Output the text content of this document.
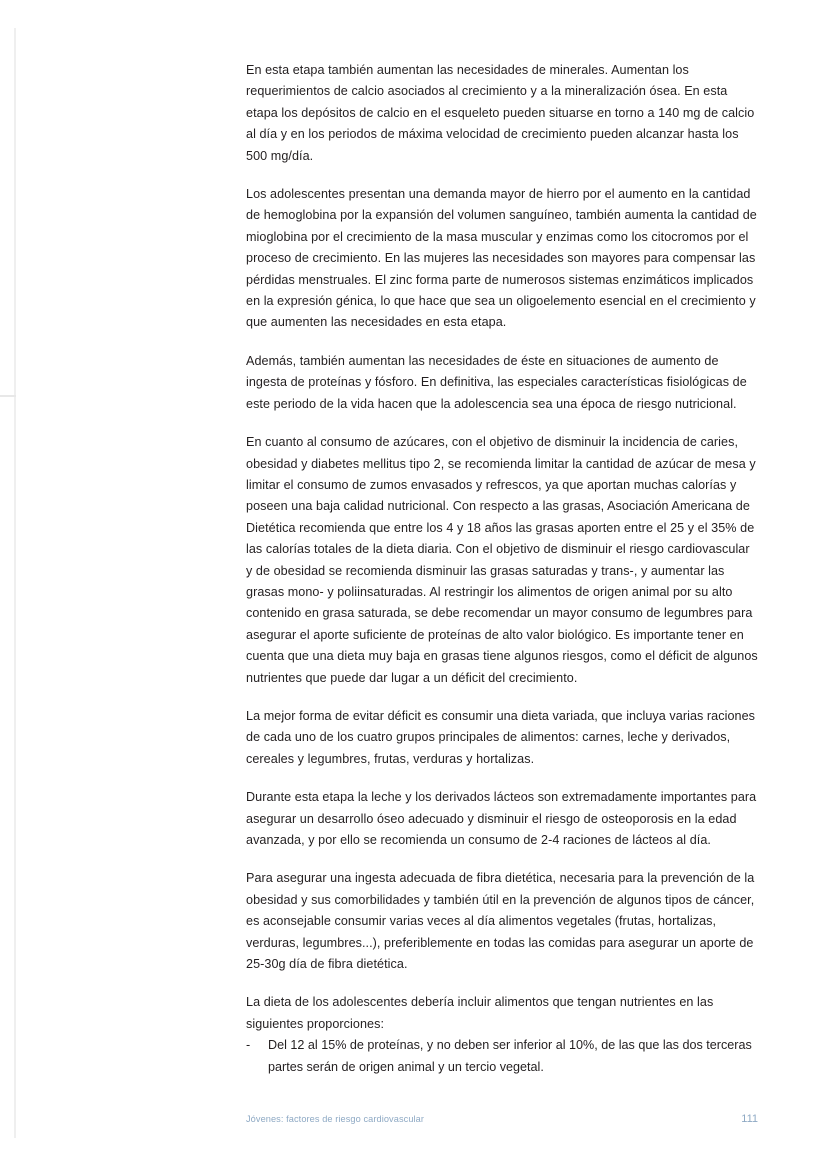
En esta etapa también aumentan las necesidades de minerales. Aumentan los requerimientos de calcio asociados al crecimiento y a la mineralización ósea. En esta etapa los depósitos de calcio en el esqueleto pueden situarse en torno a 140 mg de calcio al día y en los periodos de máxima velocidad de crecimiento pueden alcanzar hasta los 500 mg/día.

Los adolescentes presentan una demanda mayor de hierro por el aumento en la cantidad de hemoglobina por la expansión del volumen sanguíneo, también aumenta la cantidad de mioglobina por el crecimiento de la masa muscular y enzimas como los citocromos por el proceso de crecimiento. En las mujeres las necesidades son mayores para compensar las pérdidas menstruales. El zinc forma parte de numerosos sistemas enzimáticos implicados en la expresión génica, lo que hace que sea un oligoelemento esencial en el crecimiento y que aumenten las necesidades en esta etapa.

Además, también aumentan las necesidades de éste en situaciones de aumento de ingesta de proteínas y fósforo. En definitiva, las especiales características fisiológicas de este periodo de la vida hacen que la adolescencia sea una época de riesgo nutricional.

En cuanto al consumo de azúcares, con el objetivo de disminuir la incidencia de caries, obesidad y diabetes mellitus tipo 2, se recomienda limitar la cantidad de azúcar de mesa y limitar el consumo de zumos envasados y refrescos, ya que aportan muchas calorías y poseen una baja calidad nutricional. Con respecto a las grasas, Asociación Americana de Dietética recomienda que entre los 4 y 18 años las grasas aporten entre el 25 y el 35% de las calorías totales de la dieta diaria. Con el objetivo de disminuir el riesgo cardiovascular y de obesidad se recomienda disminuir las grasas saturadas y trans-, y aumentar las grasas mono- y poliinsaturadas. Al restringir los alimentos de origen animal por su alto contenido en grasa saturada, se debe recomendar un mayor consumo de legumbres para asegurar el aporte suficiente de proteínas de alto valor biológico. Es importante tener en cuenta que una dieta muy baja en grasas tiene algunos riesgos, como el déficit de algunos nutrientes que puede dar lugar a un déficit del crecimiento.

La mejor forma de evitar déficit es consumir una dieta variada, que incluya varias raciones de cada uno de los cuatro grupos principales de alimentos: carnes, leche y derivados, cereales y legumbres, frutas, verduras y hortalizas.

Durante esta etapa la leche y los derivados lácteos son extremadamente importantes para asegurar un desarrollo óseo adecuado y disminuir el riesgo de osteoporosis en la edad avanzada, y por ello se recomienda un consumo de 2-4 raciones de lácteos al día.

Para asegurar una ingesta adecuada de fibra dietética, necesaria para la prevención de la obesidad y sus comorbilidades y también útil en la prevención de algunos tipos de cáncer, es aconsejable consumir varias veces al día alimentos vegetales (frutas, hortalizas, verduras, legumbres...), preferiblemente en todas las comidas para asegurar un aporte de 25-30g día de fibra dietética.

La dieta de los adolescentes debería incluir alimentos que tengan nutrientes en las siguientes proporciones:

- Del 12 al 15% de proteínas, y no deben ser inferior al 10%, de las que las dos terceras partes serán de origen animal y un tercio vegetal.
Jóvenes: factores de riesgo cardiovascular	111
